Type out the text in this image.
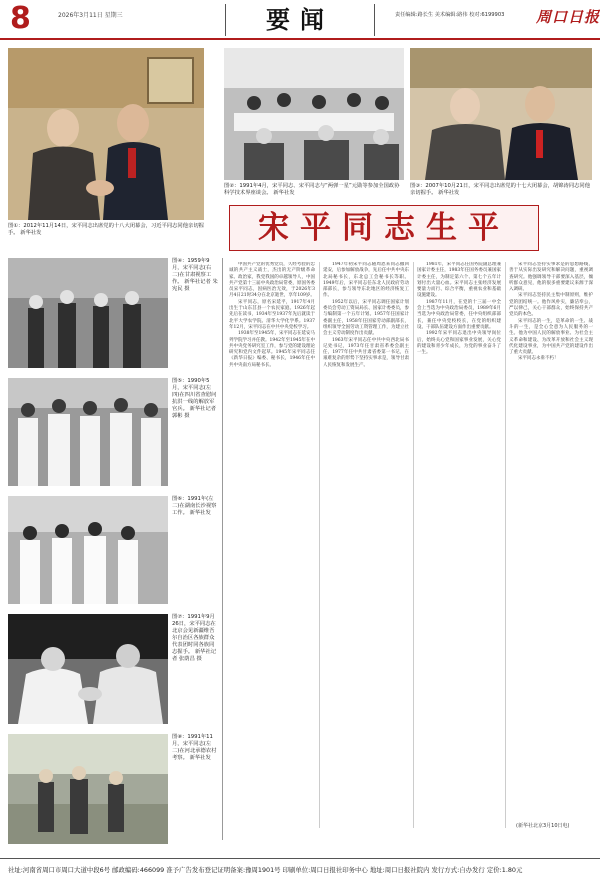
8	2026年3月11日 星期三	要闻	责任编辑:路长生 美术编辑:路伟 校对:6199903 周口日报
图①：2012年11月14日，宋平同志出席党的十八大闭幕会，习近平同志同他亲切握手。 新华社发
图②：1991年4月，宋平同志、宋平同志与“两弹一星”元勋等参加全国政协科学技术界座谈会。 新华社发
图③：2007年10月21日，宋平同志出席党的十七大闭幕会，胡锦涛同志同他亲切握手。 新华社发
宋平同志生平
图④：1959年9月，宋平同志(右二)在甘肃视察工作。 新华社记者 朱宪民 摄
图⑤：1990年5月，宋平同志(左四)在四川省查慰问抗洪一线的解放军官兵。 新华社记者 郭彬 摄
图⑥：1991年(左二)在湖南长沙视察工作。 新华社发
图⑦：1991年9月26日，宋平同志在北京会见新疆维吾尔自治区各族群众代表团时同各族同志握手。 新华社记者 张荫昌 摄
图⑧：1991年11月，宋平同志(左二)在河北承德农村考察。 新华社发

中国共产党的优秀党员，久经考验的忠诚的共产主义战士，杰出的无产阶级革命家、政治家，我党我国的卓越领导人，中国共产党第十三届中央政治局常委，原国务委员宋平同志，因病医治无效，于2026年3月4日21时34分在北京逝世，享年109岁。

宋平同志，原名宋延平，1917年4月出生于山东莒县一个农民家庭。1926年起先后在读书，1934年至1937年先后就读于北平大学农学院、清华大学化学系。1937年12月，宋平同志在中共中央党校学习。

1938年至1945年，宋平同志在延安马列学院学习并任教。1942年至1945年在中共中央党务研究室工作，参与党的建设理论研究和党内文件起草。1945年宋平同志任《新华日报》编委、秘书长，1946年任中共中央南方局秘书长。

1947年初宋平同志随周恩来同志撤回延安，后参加解放战争，先后任中共中央东北局秘书长，东北总工会秘书长等职。1949年后，宋平同志任东北人民政府劳动部部长，参与领导东北地区的经济恢复工作。

1952年以后，宋平同志调任国家计划委员会劳动工资局局长、国家计委委员，参与编制第一个五年计划。1957年任国家计委副主任，1958年任国家劳动部副部长，组织领导全国劳动工资管理工作，为建立社会主义劳动制度作出贡献。

1963年宋平同志任中共中央西北局书记处书记，1973年任甘肃省革委会副主任，1977年任中共甘肃省委第一书记，在艰难复杂的形势下坚持实事求是，领导甘肃人民恢复和发展生产。

1981年，宋平同志任国务院副总理兼国家计委主任，1983年任国务委员兼国家计委主任，为制定第六个、第七个五年计划付出大量心血。宋平同志主张经济发展要量力而行、综合平衡，重视农业和基础设施建设。

1987年11月，在党的十三届一中全会上当选为中央政治局委员，1989年6月当选为中央政治局常委，任中央组织部部长，兼任中央党校校长，在党的组织建设、干部队伍建设方面作出重要贡献。

1992年宋平同志退出中央领导岗位后，始终关心党和国家事业发展，关心党的建设和青少年成长，为党的事业奋斗了一生。

宋平同志坚持实事求是的思想路线，善于从实际出发研究和解决问题，重视调查研究。他强调领导干部要深入基层，倾听群众意见，他的很多重要建议来源于深入调研。

宋平同志坚持民主集中制原则，维护党的团结统一。他作风朴实，廉洁奉公，严以律己，关心干部群众，始终保持共产党员的本色。

宋平同志的一生，是革命的一生、战斗的一生，是全心全意为人民服务的一生。他为中国人民的解放事业、为社会主义革命和建设、为改革开放和社会主义现代化建设事业，为中国共产党的建设作出了重大贡献。

宋平同志永垂不朽！

(新华社北京3月10日电)
社址:河南省周口市周口大道中段6号 邮政编码:466099 准予广告发布登记证明备案:豫周1901号 印刷单位:周口日报社印务中心 地址:周口日报社院内 发行方式:自办发行 定价:1.80元
